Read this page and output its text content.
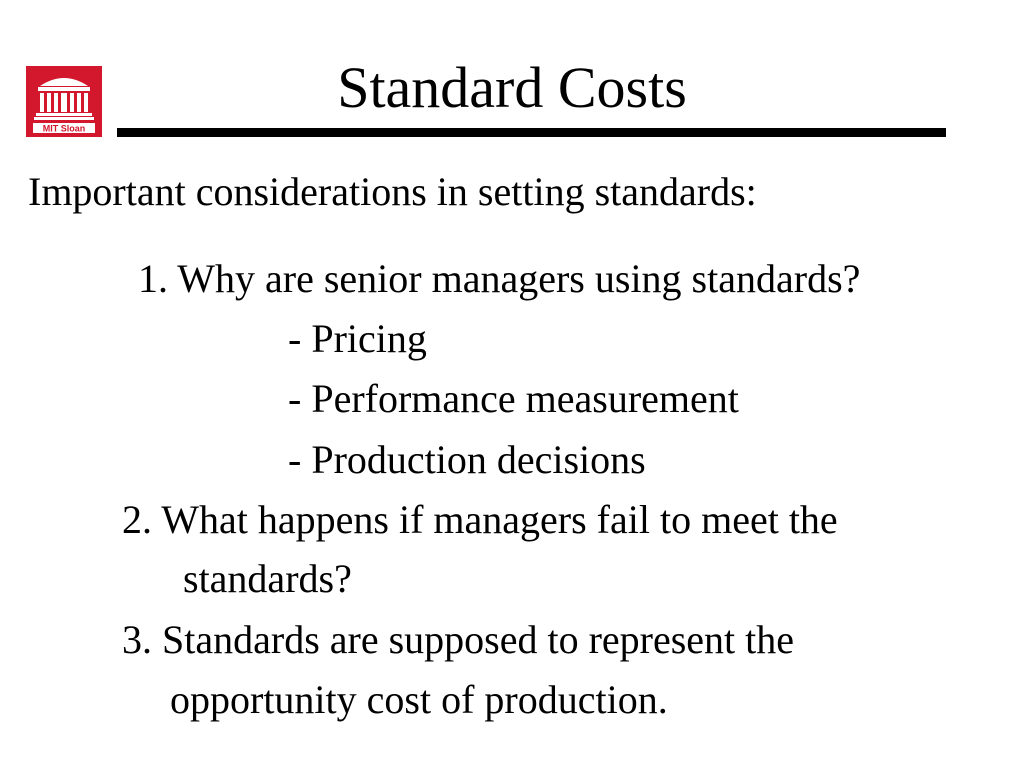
MIT Sloan
Standard Costs
Important considerations in setting standards:
1. Why are senior managers using standards?
- Pricing
- Performance measurement
- Production decisions
2. What happens if managers fail to meet the
standards?
3. Standards are supposed to represent the
opportunity cost of production.
